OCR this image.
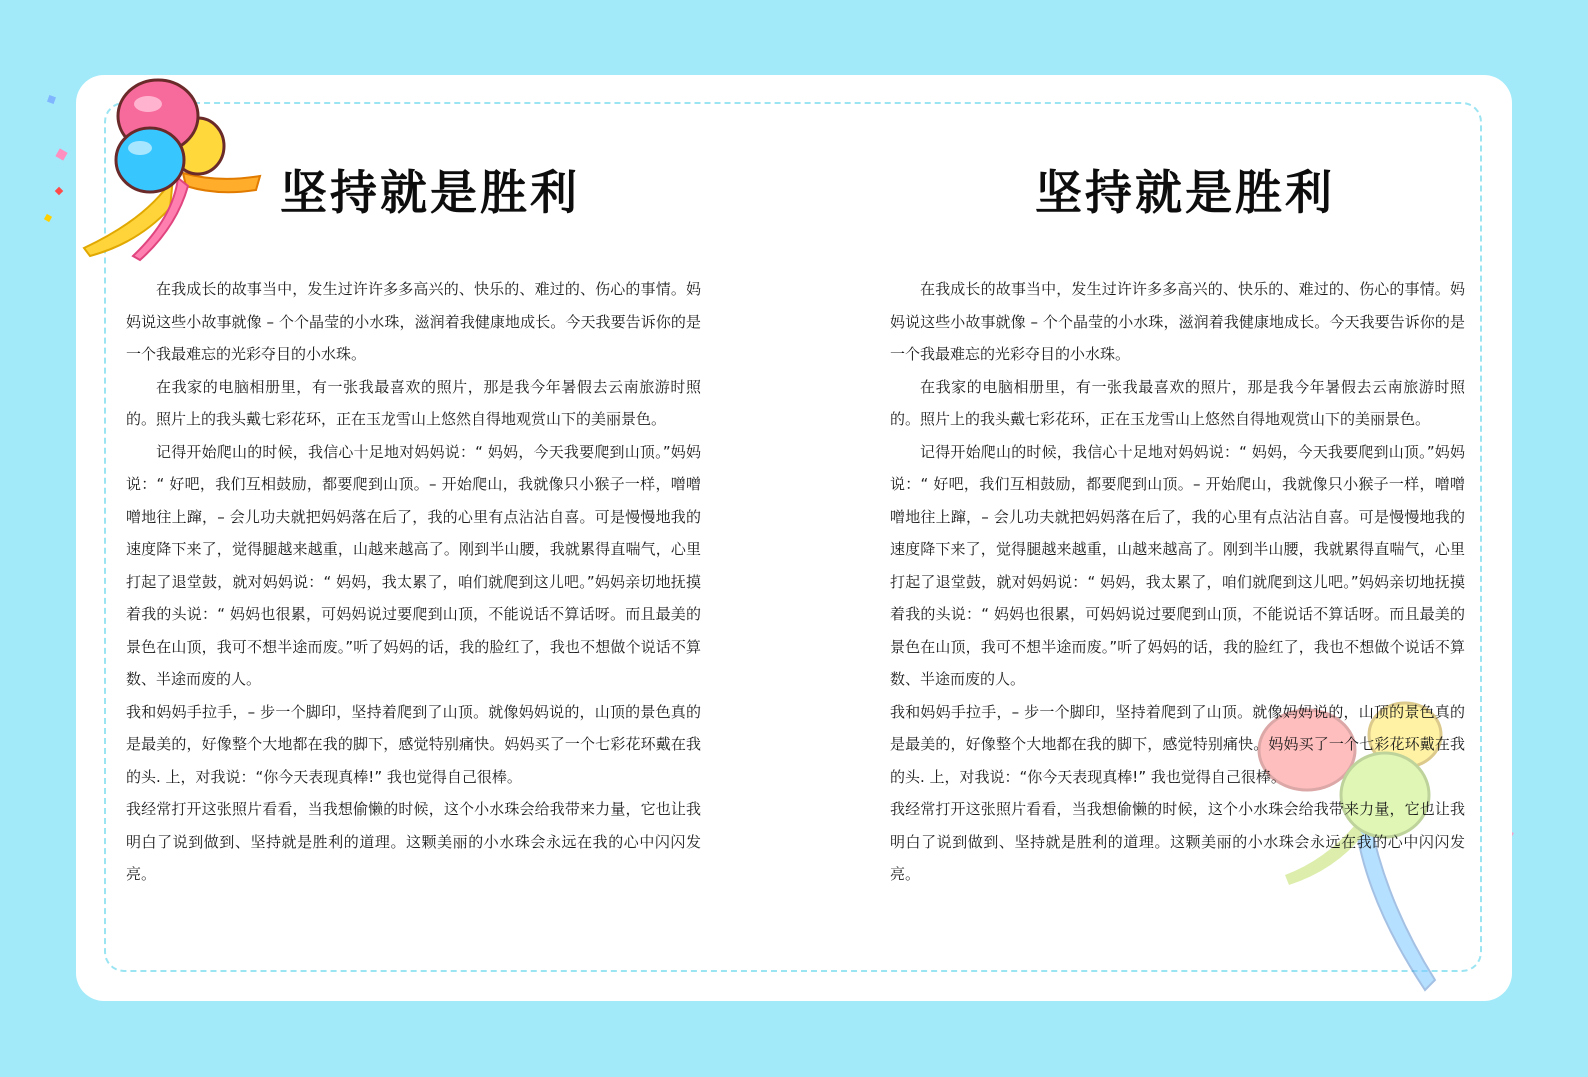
坚持就是胜利

在我成长的故事当中，发生过许许多多高兴的、快乐的、难过的、伤心的事情。妈妈说这些小故事就像 – 个个晶莹的小水珠，滋润着我健康地成长。今天我要告诉你的是一个我最难忘的光彩夺目的小水珠。

在我家的电脑相册里，有一张我最喜欢的照片，那是我今年暑假去云南旅游时照的。照片上的我头戴七彩花环，正在玉龙雪山上悠然自得地观赏山下的美丽景色。

记得开始爬山的时候，我信心十足地对妈妈说：“ 妈妈，今天我要爬到山顶。”妈妈说：“ 好吧，我们互相鼓励，都要爬到山顶。– 开始爬山，我就像只小猴子一样，噌噌噌地往上蹿，– 会儿功夫就把妈妈落在后了，我的心里有点沾沾自喜。可是慢慢地我的速度降下来了，觉得腿越来越重，山越来越高了。刚到半山腰，我就累得直喘气，心里打起了退堂鼓，就对妈妈说：“ 妈妈，我太累了，咱们就爬到这儿吧。”妈妈亲切地抚摸着我的头说：“ 妈妈也很累，可妈妈说过要爬到山顶，不能说话不算话呀。而且最美的景色在山顶，我可不想半途而废。”听了妈妈的话，我的脸红了，我也不想做个说话不算数、半途而废的人。

我和妈妈手拉手，– 步一个脚印，坚持着爬到了山顶。就像妈妈说的，山顶的景色真的是最美的，好像整个大地都在我的脚下，感觉特别痛快。妈妈买了一个七彩花环戴在我的头. 上，对我说：“你今天表现真棒!” 我也觉得自己很棒。

我经常打开这张照片看看，当我想偷懒的时候，这个小水珠会给我带来力量，它也让我明白了说到做到、坚持就是胜利的道理。这颗美丽的小水珠会永远在我的心中闪闪发亮。

坚持就是胜利

在我成长的故事当中，发生过许许多多高兴的、快乐的、难过的、伤心的事情。妈妈说这些小故事就像 – 个个晶莹的小水珠，滋润着我健康地成长。今天我要告诉你的是一个我最难忘的光彩夺目的小水珠。

在我家的电脑相册里，有一张我最喜欢的照片，那是我今年暑假去云南旅游时照的。照片上的我头戴七彩花环，正在玉龙雪山上悠然自得地观赏山下的美丽景色。

记得开始爬山的时候，我信心十足地对妈妈说：“ 妈妈，今天我要爬到山顶。”妈妈说：“ 好吧，我们互相鼓励，都要爬到山顶。– 开始爬山，我就像只小猴子一样，噌噌噌地往上蹿，– 会儿功夫就把妈妈落在后了，我的心里有点沾沾自喜。可是慢慢地我的速度降下来了，觉得腿越来越重，山越来越高了。刚到半山腰，我就累得直喘气，心里打起了退堂鼓，就对妈妈说：“ 妈妈，我太累了，咱们就爬到这儿吧。”妈妈亲切地抚摸着我的头说：“ 妈妈也很累，可妈妈说过要爬到山顶，不能说话不算话呀。而且最美的景色在山顶，我可不想半途而废。”听了妈妈的话，我的脸红了，我也不想做个说话不算数、半途而废的人。

我和妈妈手拉手，– 步一个脚印，坚持着爬到了山顶。就像妈妈说的，山顶的景色真的是最美的，好像整个大地都在我的脚下，感觉特别痛快。妈妈买了一个七彩花环戴在我的头. 上，对我说：“你今天表现真棒!” 我也觉得自己很棒。

我经常打开这张照片看看，当我想偷懒的时候，这个小水珠会给我带来力量，它也让我明白了说到做到、坚持就是胜利的道理。这颗美丽的小水珠会永远在我的心中闪闪发亮。
